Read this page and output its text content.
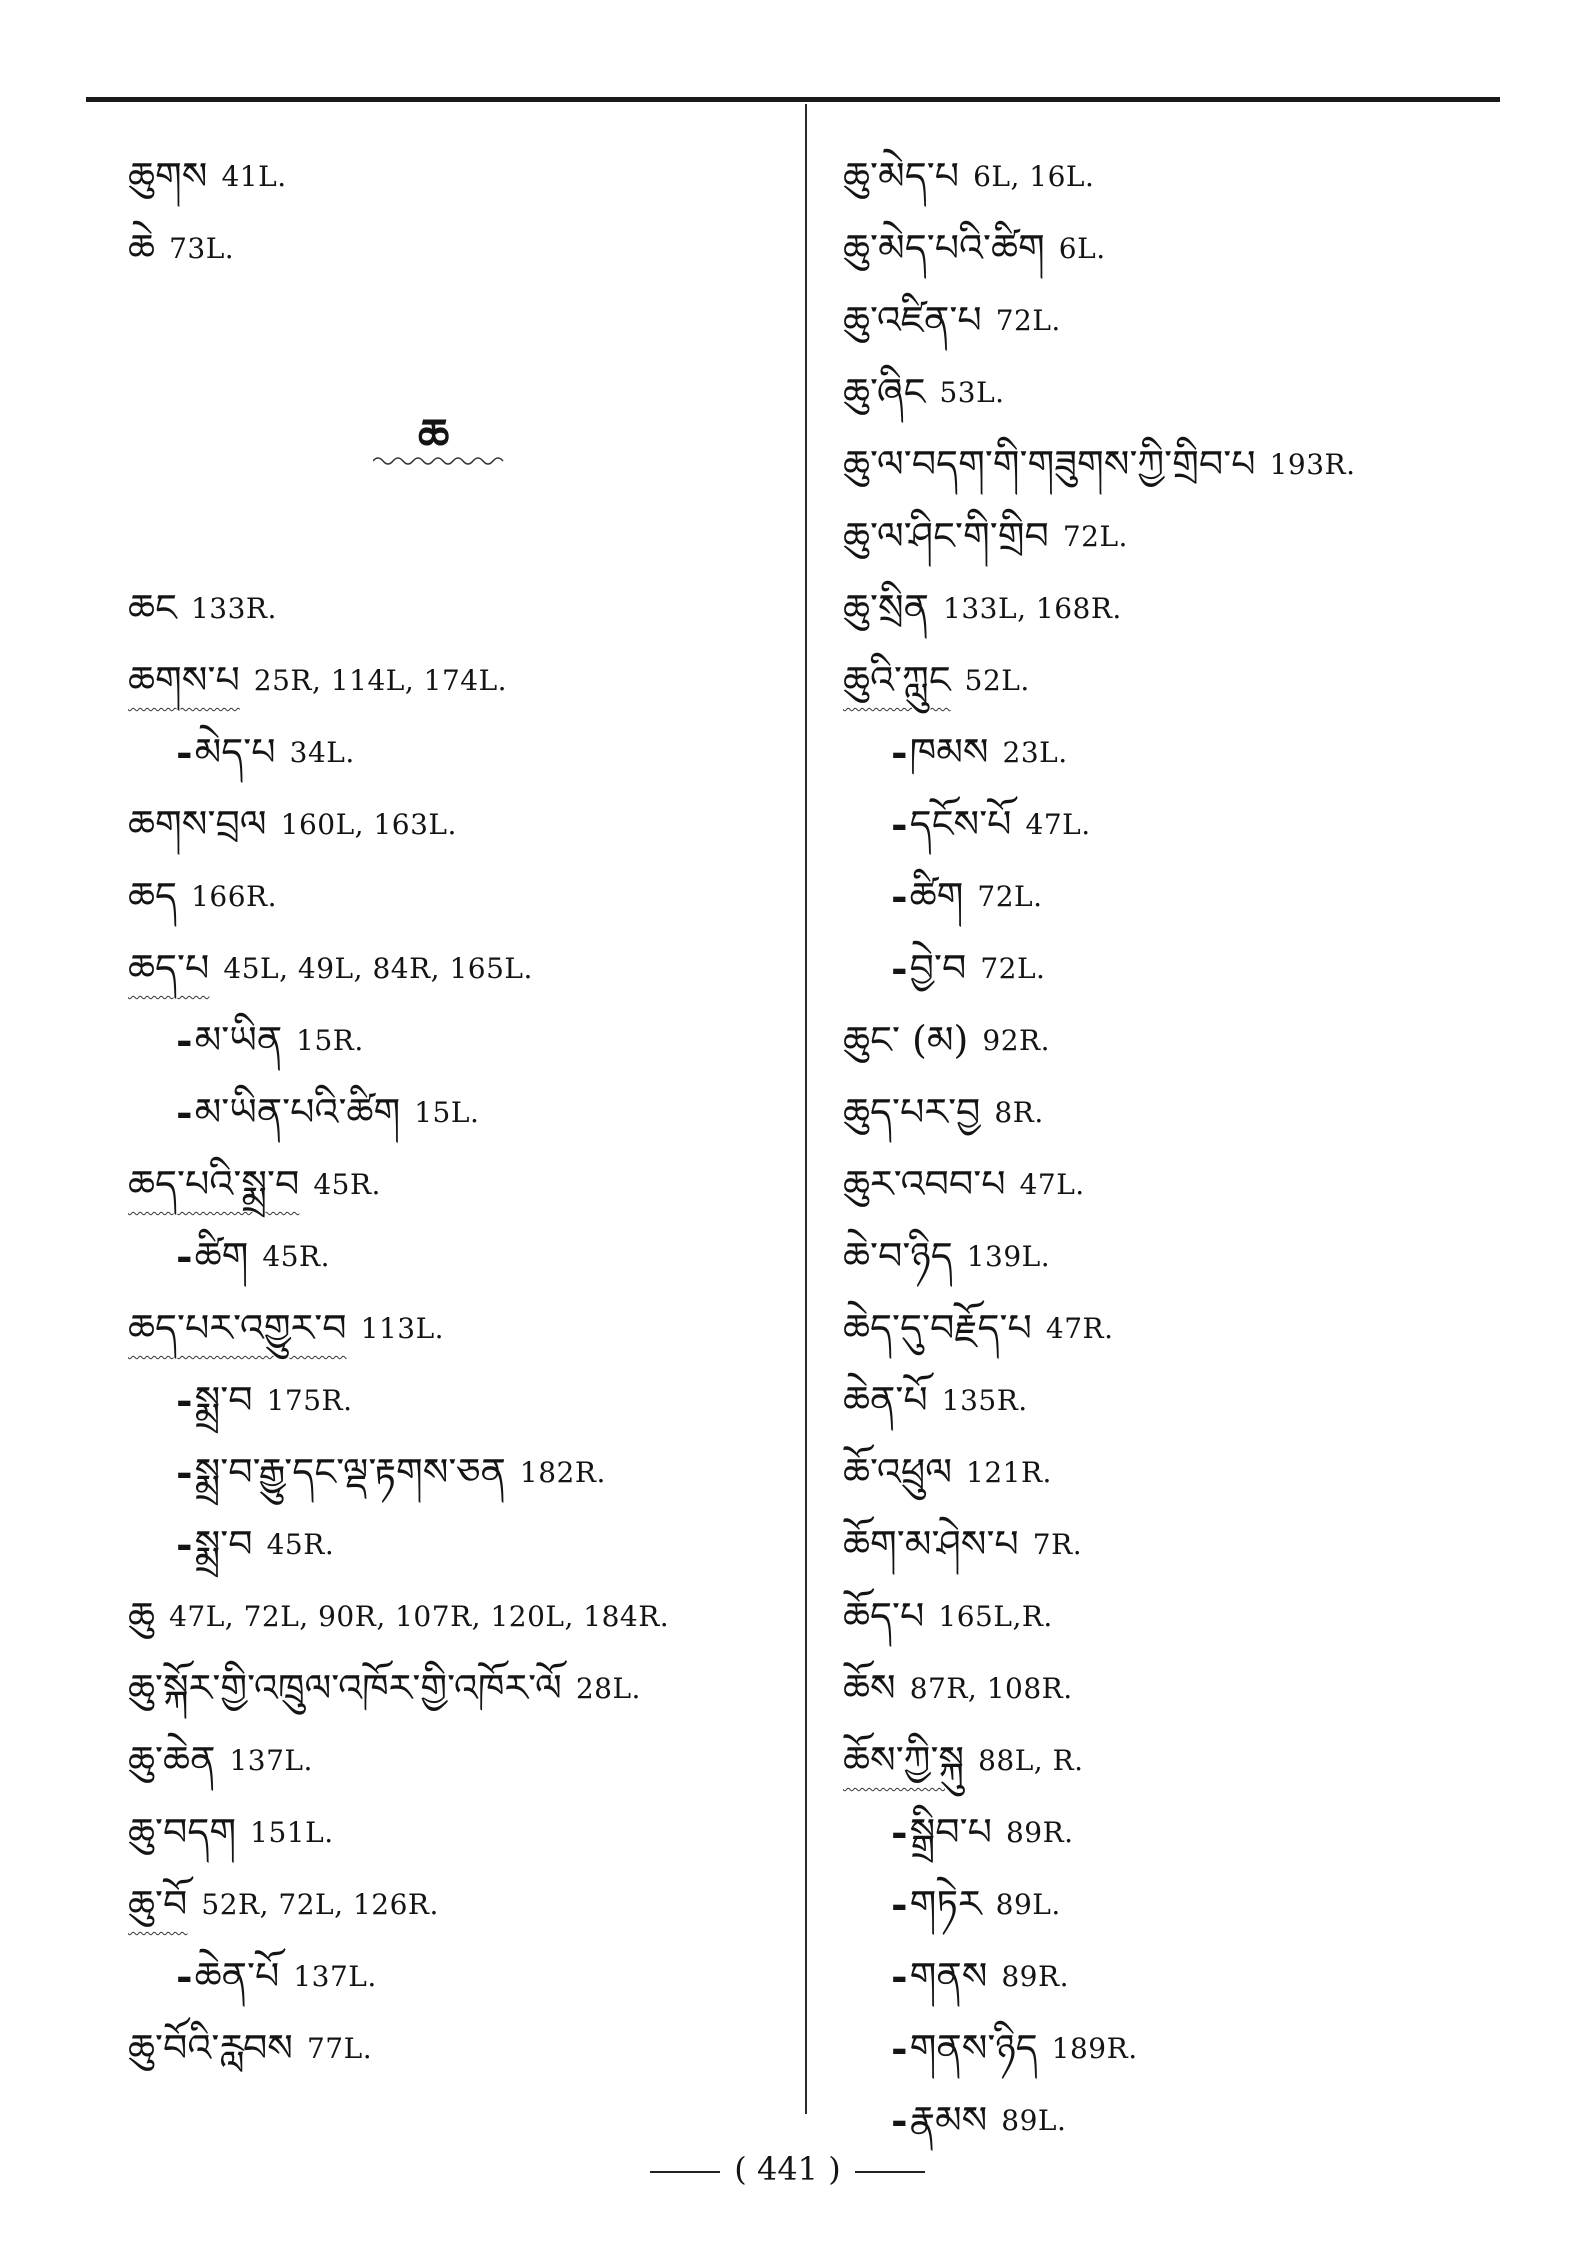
ཆུགས 41L.
ཆེ 73L.
ཆ
ཆང 133R.
ཆགས་པ 25R, 114L, 174L.
- མེད་པ 34L.
ཆགས་བྲལ 160L, 163L.
ཆད 166R.
ཆད་པ 45L, 49L, 84R, 165L.
- མ་ཡིན 15R.
- མ་ཡིན་པའི་ཚིག 15L.
ཆད་པའི་སྨྲ་བ 45R.
- ཚིག 45R.
ཆད་པར་འགྱུར་བ 113L.
- སྨྲ་བ 175R.
- སྨྲ་བ་རྒྱུ་དང་ལྡ་རྟགས་ཅན 182R.
- སྨྲ་བ 45R.
ཆུ 47L, 72L, 90R, 107R, 120L, 184R.
ཆུ་སྐོར་གྱི་འཁྲུལ་འཁོར་གྱི་འཁོར་ལོ 28L.
ཆུ་ཆེན 137L.
ཆུ་བདག 151L.
ཆུ་བོ 52R, 72L, 126R.
- ཆེན་པོ 137L.
ཆུ་བོའི་རླབས 77L.
ཆུ་མེད་པ 6L, 16L.
ཆུ་མེད་པའི་ཚིག 6L.
ཆུ་འཛིན་པ 72L.
ཆུ་ཞིང 53L.
ཆུ་ལ་བདག་གི་གཟུགས་ཀྱི་གྲིབ་པ 193R.
ཆུ་ལ་ཤིང་གི་གྲིབ 72L.
ཆུ་སྲིན 133L, 168R.
ཆུའི་ཀླུང 52L.
- ཁམས 23L.
- དངོས་པོ 47L.
- ཚིག 72L.
- བྱེ་བ 72L.
ཆུང་ (མ) 92R.
ཆུད་པར་བྱ 8R.
ཆུར་འབབ་པ 47L.
ཆེ་བ་ཉིད 139L.
ཆེད་དུ་བརྗོད་པ 47R.
ཆེན་པོ 135R.
ཆོ་འཕྲུལ 121R.
ཆོག་མ་ཤེས་པ 7R.
ཆོད་པ 165L,R.
ཆོས 87R, 108R.
ཆོས་ཀྱི་སྐུ 88L, R.
- སྒྲིབ་པ 89R.
- གཏེར 89L.
- གནས 89R.
- གནས་ཉིད 189R.
- རྣམས 89L.
( 441 )
